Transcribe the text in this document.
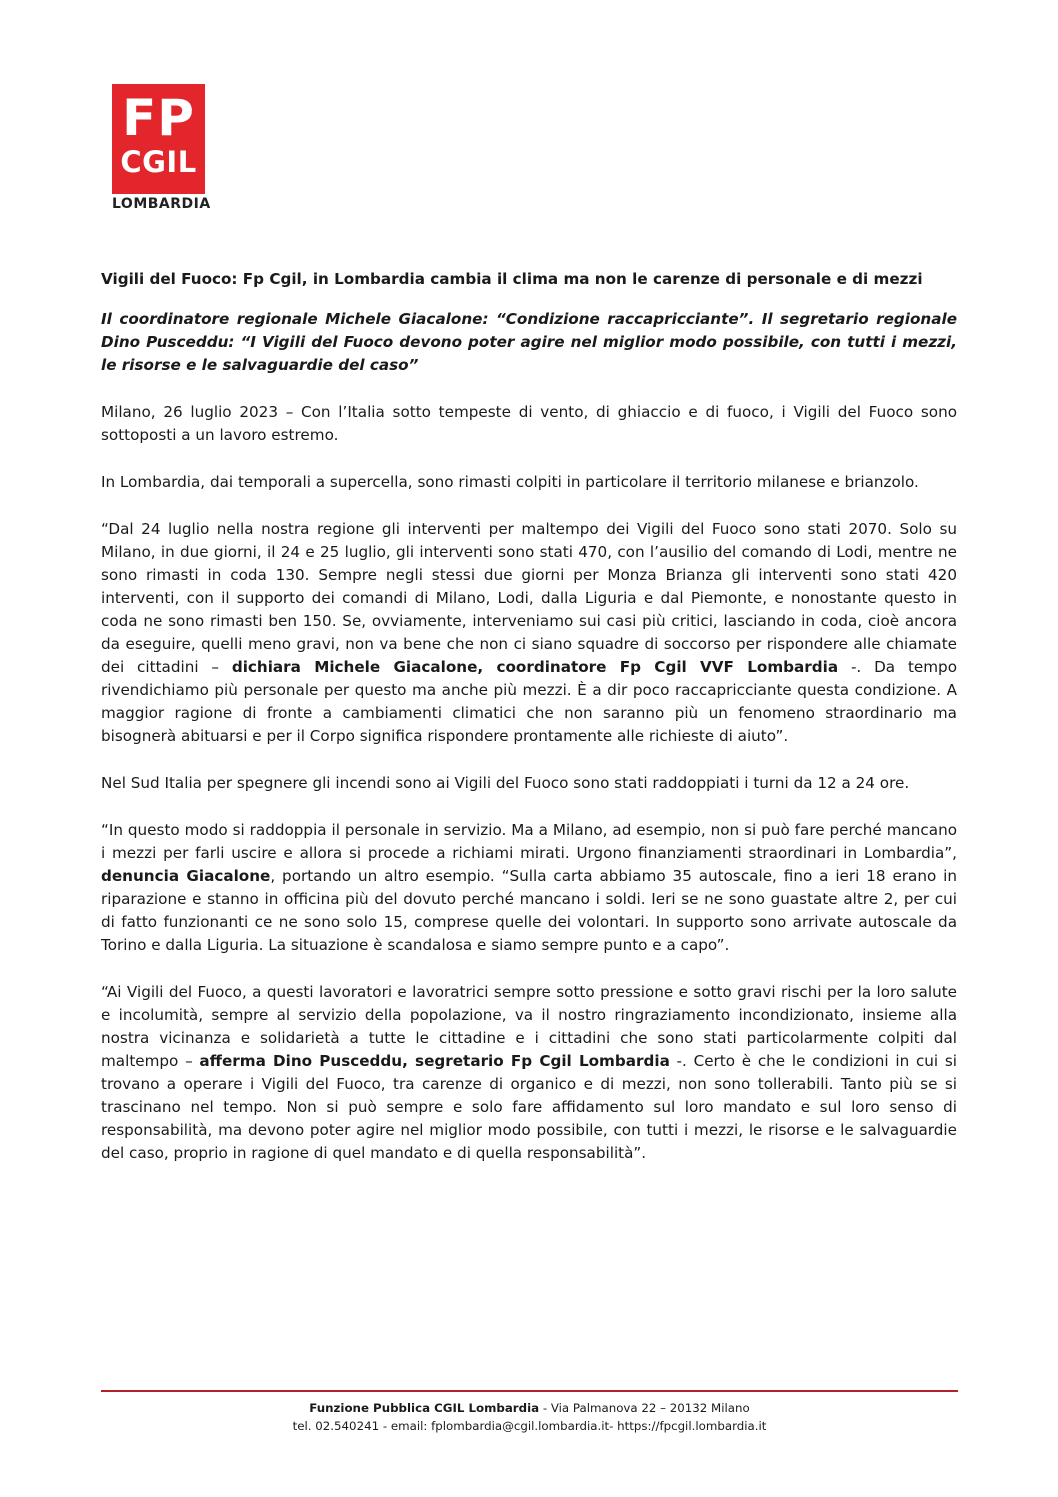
FP
CGIL
LOMBARDIA

Vigili del Fuoco: Fp Cgil, in Lombardia cambia il clima ma non le carenze di personale e di mezzi

Il coordinatore regionale Michele Giacalone: “Condizione raccapricciante”. Il segretario regionale Dino Pusceddu: “I Vigili del Fuoco devono poter agire nel miglior modo possibile, con tutti i mezzi, le risorse e le salvaguardie del caso”

Milano, 26 luglio 2023 – Con l’Italia sotto tempeste di vento, di ghiaccio e di fuoco, i Vigili del Fuoco sono sottoposti a un lavoro estremo.

In Lombardia, dai temporali a supercella, sono rimasti colpiti in particolare il territorio milanese e brianzolo.

“Dal 24 luglio nella nostra regione gli interventi per maltempo dei Vigili del Fuoco sono stati 2070. Solo su Milano, in due giorni, il 24 e 25 luglio, gli interventi sono stati 470, con l’ausilio del comando di Lodi, mentre ne sono rimasti in coda 130. Sempre negli stessi due giorni per Monza Brianza gli interventi sono stati 420 interventi, con il supporto dei comandi di Milano, Lodi, dalla Liguria e dal Piemonte, e nonostante questo in coda ne sono rimasti ben 150. Se, ovviamente, interveniamo sui casi più critici, lasciando in coda, cioè ancora da eseguire, quelli meno gravi, non va bene che non ci siano squadre di soccorso per rispondere alle chiamate dei cittadini – dichiara Michele Giacalone, coordinatore Fp Cgil VVF Lombardia -. Da tempo rivendichiamo più personale per questo ma anche più mezzi. È a dir poco raccapricciante questa condizione. A maggior ragione di fronte a cambiamenti climatici che non saranno più un fenomeno straordinario ma bisognerà abituarsi e per il Corpo significa rispondere prontamente alle richieste di aiuto”.

Nel Sud Italia per spegnere gli incendi sono ai Vigili del Fuoco sono stati raddoppiati i turni da 12 a 24 ore.

“In questo modo si raddoppia il personale in servizio. Ma a Milano, ad esempio, non si può fare perché mancano i mezzi per farli uscire e allora si procede a richiami mirati. Urgono finanziamenti straordinari in Lombardia”, denuncia Giacalone, portando un altro esempio. “Sulla carta abbiamo 35 autoscale, fino a ieri 18 erano in riparazione e stanno in officina più del dovuto perché mancano i soldi. Ieri se ne sono guastate altre 2, per cui di fatto funzionanti ce ne sono solo 15, comprese quelle dei volontari. In supporto sono arrivate autoscale da Torino e dalla Liguria. La situazione è scandalosa e siamo sempre punto e a capo”.

“Ai Vigili del Fuoco, a questi lavoratori e lavoratrici sempre sotto pressione e sotto gravi rischi per la loro salute e incolumità, sempre al servizio della popolazione, va il nostro ringraziamento incondizionato, insieme alla nostra vicinanza e solidarietà a tutte le cittadine e i cittadini che sono stati particolarmente colpiti dal maltempo – afferma Dino Pusceddu, segretario Fp Cgil Lombardia -. Certo è che le condizioni in cui si trovano a operare i Vigili del Fuoco, tra carenze di organico e di mezzi, non sono tollerabili. Tanto più se si trascinano nel tempo. Non si può sempre e solo fare affidamento sul loro mandato e sul loro senso di responsabilità, ma devono poter agire nel miglior modo possibile, con tutti i mezzi, le risorse e le salvaguardie del caso, proprio in ragione di quel mandato e di quella responsabilità”.

Funzione Pubblica CGIL Lombardia - Via Palmanova 22 – 20132 Milano
tel. 02.540241 - email: fplombardia@cgil.lombardia.it- https://fpcgil.lombardia.it
